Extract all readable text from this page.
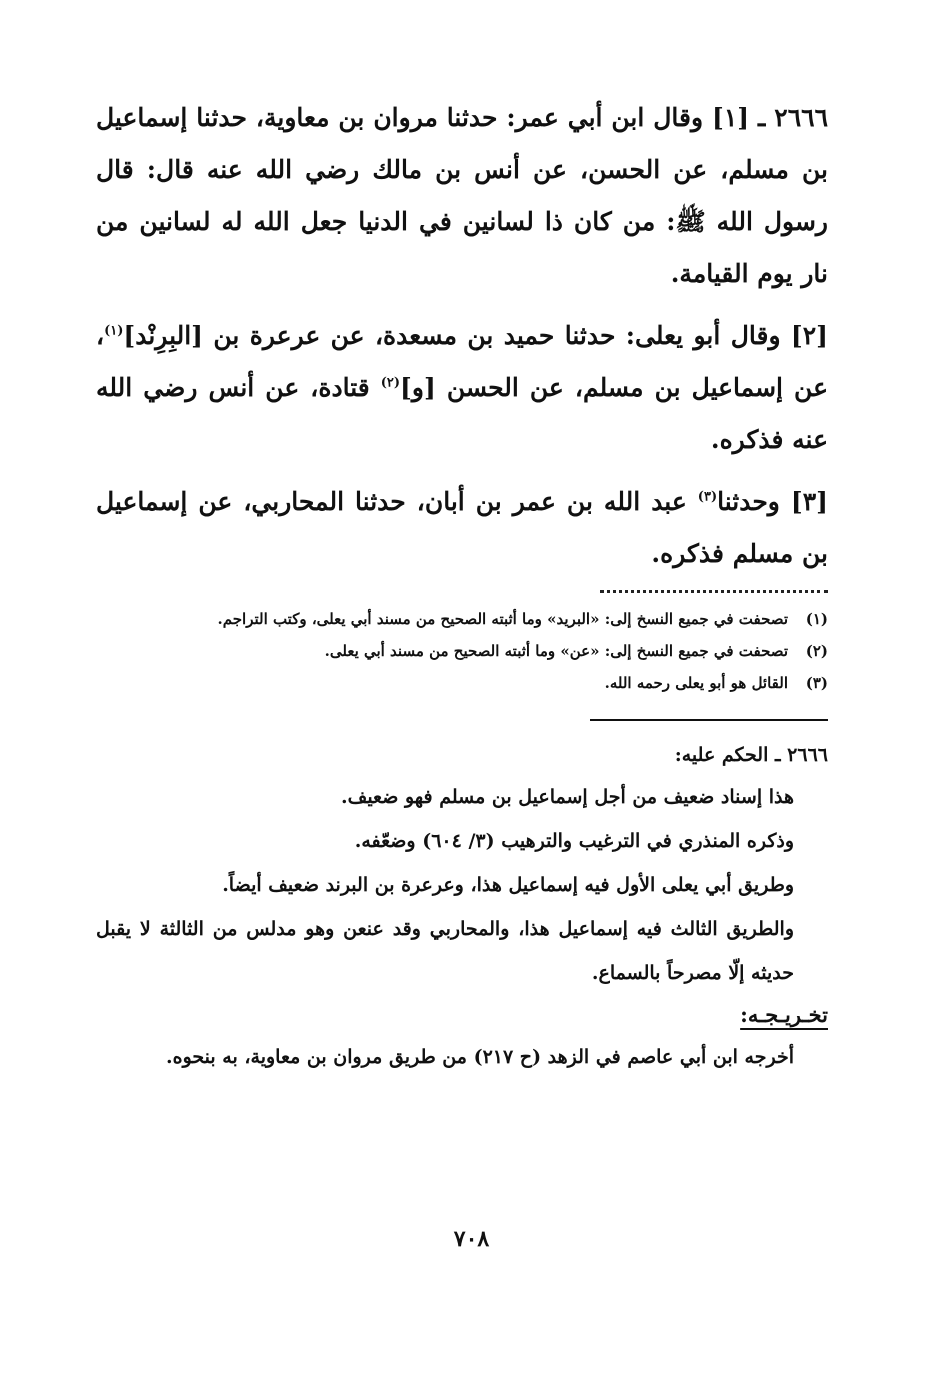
٢٦٦٦ ـ [١] وقال ابن أبي عمر: حدثنا مروان بن معاوية، حدثنا إسماعيل بن مسلم، عن الحسن، عن أنس بن مالك رضي الله عنه قال: قال رسول الله ﷺ: من كان ذا لسانين في الدنيا جعل الله له لسانين من نار يوم القيامة.

[٢] وقال أبو يعلى: حدثنا حميد بن مسعدة، عن عرعرة بن [البِرِنْد]$^{(١)}$، عن إسماعيل بن مسلم، عن الحسن [و]$^{(٢)}$ قتادة، عن أنس رضي الله عنه فذكره.

[٣] وحدثنا$^{(٣)}$ عبد الله بن عمر بن أبان، حدثنا المحاربي، عن إسماعيل بن مسلم فذكره.

(١)
تصحفت في جميع النسخ إلى: «البريد» وما أثبته الصحيح من مسند أبي يعلى، وكتب التراجم.
(٢)
تصحفت في جميع النسخ إلى: «عن» وما أثبته الصحيح من مسند أبي يعلى.
(٣)
القائل هو أبو يعلى رحمه الله.

٢٦٦٦ ـ الحكم عليه:

هذا إسناد ضعيف من أجل إسماعيل بن مسلم فهو ضعيف.

وذكره المنذري في الترغيب والترهيب (٣/ ٦٠٤) وضعّفه.

وطريق أبي يعلى الأول فيه إسماعيل هذا، وعرعرة بن البرند ضعيف أيضاً.

والطريق الثالث فيه إسماعيل هذا، والمحاربي وقد عنعن وهو مدلس من الثالثة لا يقبل حديثه إلّا مصرحاً بالسماع.

تخـريـجـه:

أخرجه ابن أبي عاصم في الزهد (ح ٢١٧) من طريق مروان بن معاوية، به بنحوه.

٧٠٨
